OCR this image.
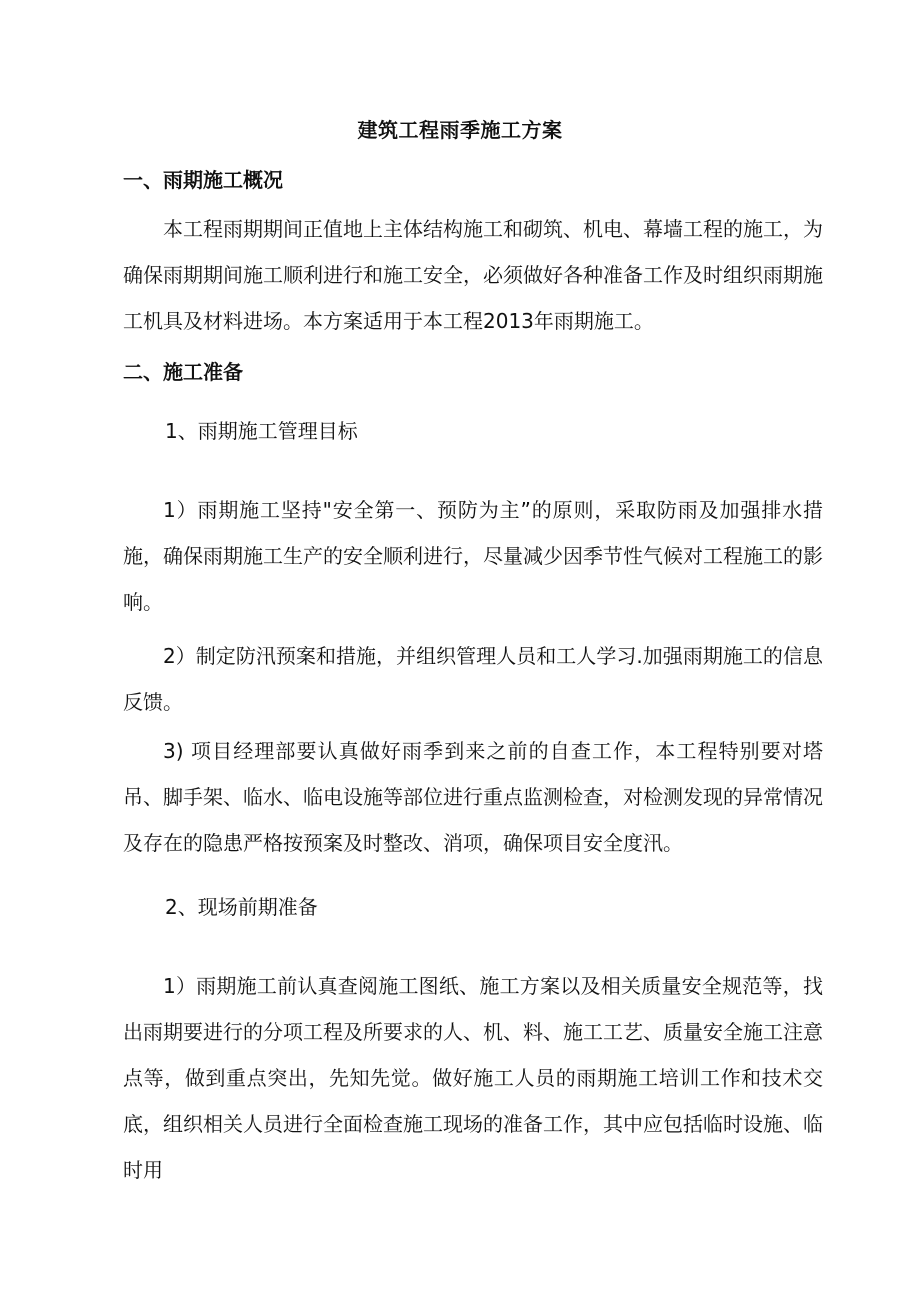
建筑工程雨季施工方案
一、雨期施工概况
本工程雨期期间正值地上主体结构施工和砌筑、机电、幕墙工程的施工，为确保雨期期间施工顺利进行和施工安全，必须做好各种准备工作及时组织雨期施工机具及材料进场。本方案适用于本工程2013年雨期施工。
二、施工准备
1、雨期施工管理目标
1）雨期施工坚持"安全第一、预防为主”的原则，采取防雨及加强排水措施，确保雨期施工生产的安全顺利进行，尽量减少因季节性气候对工程施工的影响。
2）制定防汛预案和措施，并组织管理人员和工人学习.加强雨期施工的信息反馈。
3) 项目经理部要认真做好雨季到来之前的自查工作，本工程特别要对塔吊、脚手架、临水、临电设施等部位进行重点监测检查，对检测发现的异常情况及存在的隐患严格按预案及时整改、消项，确保项目安全度汛。
2、现场前期准备
1）雨期施工前认真查阅施工图纸、施工方案以及相关质量安全规范等，找出雨期要进行的分项工程及所要求的人、机、料、施工工艺、质量安全施工注意点等，做到重点突出，先知先觉。做好施工人员的雨期施工培训工作和技术交底，组织相关人员进行全面检查施工现场的准备工作，其中应包括临时设施、临时用
